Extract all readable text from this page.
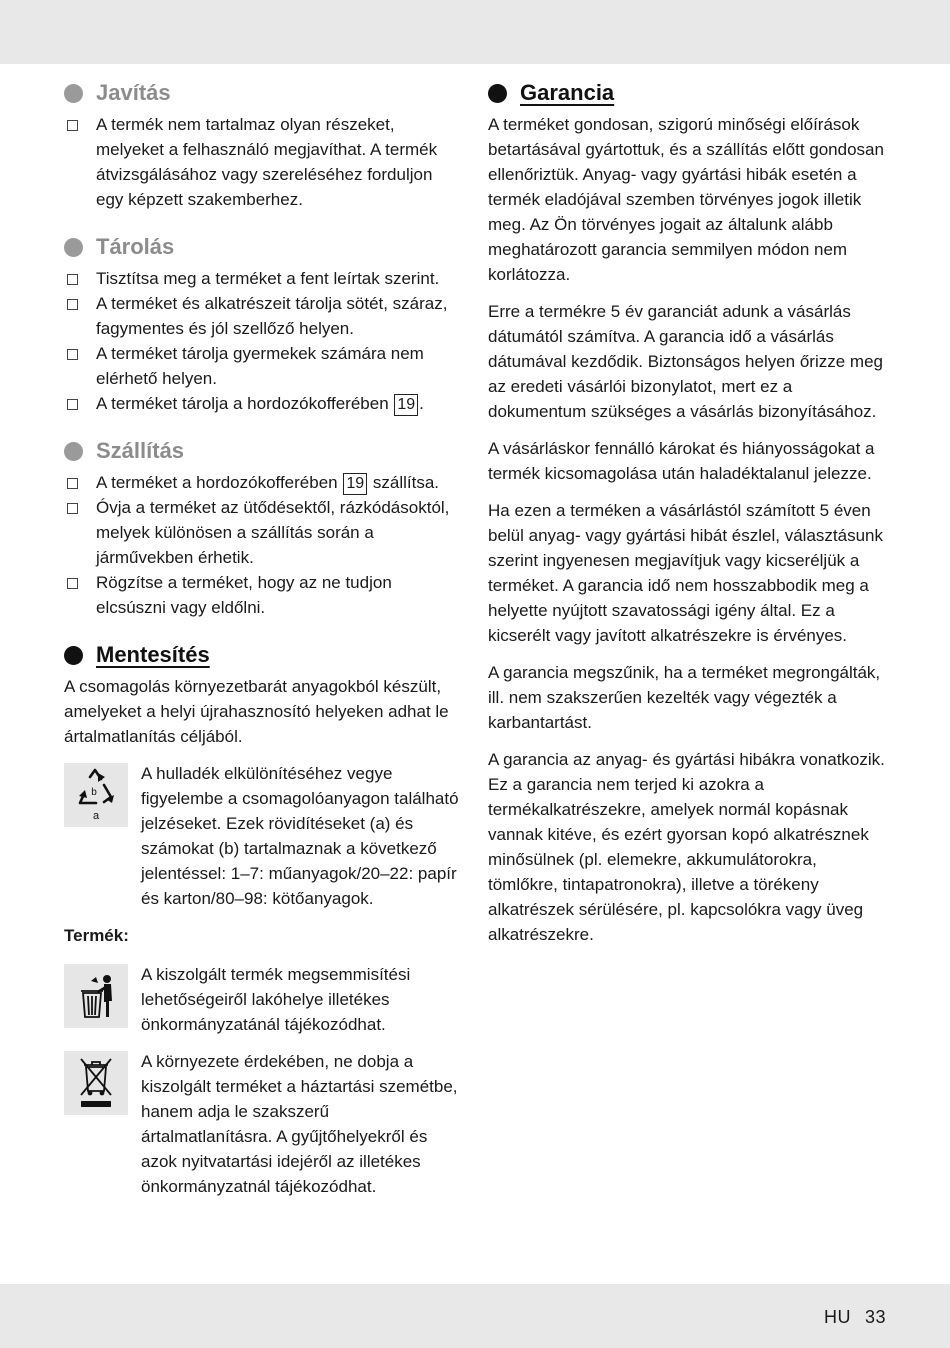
Javítás
A termék nem tartalmaz olyan részeket, melyeket a felhasználó megjavíthat. A termék átvizsgálásához vagy szereléséhez forduljon egy képzett szakemberhez.
Tárolás
Tisztítsa meg a terméket a fent leírtak szerint.
A terméket és alkatrészeit tárolja sötét, száraz, fagymentes és jól szellőző helyen.
A terméket tárolja gyermekek számára nem elérhető helyen.
A terméket tárolja a hordozókofferében 19 .
Szállítás
A terméket a hordozókofferében 19 szállítsa.
Óvja a terméket az ütődésektől, rázkódásoktól, melyek különösen a szállítás során a járművekben érhetik.
Rögzítse a terméket, hogy az ne tudjon elcsúszni vagy eldőlni.
Mentesítés

A csomagolás környezetbarát anyagokból készült, amelyeket a helyi újrahasznosító helyeken adhat le ártalmatlanítás céljából.

b
a

A hulladék elkülönítéséhez vegye figyelembe a csomagolóanyagon található jelzéseket. Ezek rövidítéseket (a) és számokat (b) tartalmaznak a következő jelentéssel: 1–7: műanyagok/20–22: papír és karton/80–98: kötőanyagok.

Termék:

A kiszolgált termék megsemmisítési lehetőségeiről lakóhelye illetékes önkormányzatánál tájékozódhat.

A környezete érdekében, ne dobja a kiszolgált terméket a háztartási szemétbe, hanem adja le szakszerű ártalmatlanításra. A gyűjtőhelyekről és azok nyitvatartási idejéről az illetékes önkormányzatnál tájékozódhat.

Garancia

A terméket gondosan, szigorú minőségi előírások betartásával gyártottuk, és a szállítás előtt gondosan ellenőriztük. Anyag- vagy gyártási hibák esetén a termék eladójával szemben törvényes jogok illetik meg. Az Ön törvényes jogait az általunk alább meghatározott garancia semmilyen módon nem korlátozza.

Erre a termékre 5 év garanciát adunk a vásárlás dátumától számítva. A garancia idő a vásárlás dátumával kezdődik. Biztonságos helyen őrizze meg az eredeti vásárlói bizonylatot, mert ez a dokumentum szükséges a vásárlás bizonyításához.

A vásárláskor fennálló károkat és hiányosságokat a termék kicsomagolása után haladéktalanul jelezze.

Ha ezen a terméken a vásárlástól számított 5 éven belül anyag- vagy gyártási hibát észlel, választásunk szerint ingyenesen megjavítjuk vagy kicseréljük a terméket. A garancia idő nem hosszabbodik meg a helyette nyújtott szavatossági igény által. Ez a kicserélt vagy javított alkatrészekre is érvényes.

A garancia megszűnik, ha a terméket megrongálták, ill. nem szakszerűen kezelték vagy végezték a karbantartást.

A garancia az anyag- és gyártási hibákra vonatkozik. Ez a garancia nem terjed ki azokra a termékalkatrészekre, amelyek normál kopásnak vannak kitéve, és ezért gyorsan kopó alkatrésznek minősülnek (pl. elemekre, akkumulátorokra, tömlőkre, tintapatronokra), illetve a törékeny alkatrészek sérülésére, pl. kapcsolókra vagy üveg alkatrészekre.

HU 33
